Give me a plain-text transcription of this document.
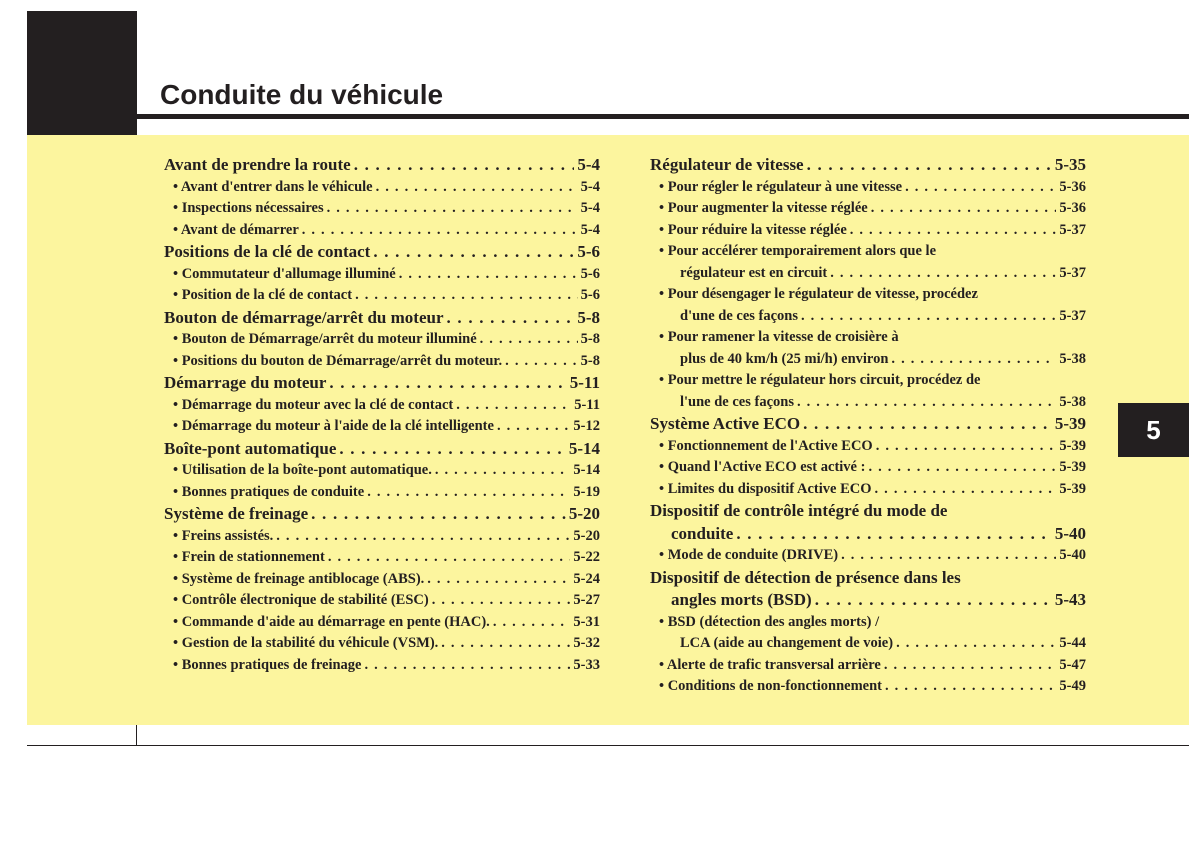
Conduite du véhicule
5
Avant de prendre la route . . .	5-4
• Avant d'entrer dans le véhicule . . .	5-4
• Inspections nécessaires . . .	5-4
• Avant de démarrer . . .	5-4
Positions de la clé de contact . . .	5-6
• Commutateur d'allumage illuminé . . .	5-6
• Position de la clé de contact . . .	5-6
Bouton de démarrage/arrêt du moteur . . .	5-8
• Bouton de Démarrage/arrêt du moteur illuminé . . .	5-8
• Positions du bouton de Démarrage/arrêt du moteur. . . .	5-8
Démarrage du moteur . . .	5-11
• Démarrage du moteur avec la clé de contact . . .	5-11
• Démarrage du moteur à l'aide de la clé intelligente . . .	5-12
Boîte-pont automatique . . .	5-14
• Utilisation de la boîte-pont automatique. . . .	5-14
• Bonnes pratiques de conduite . . .	5-19
Système de freinage . . .	5-20
• Freins assistés. . . .	5-20
• Frein de stationnement . . .	5-22
• Système de freinage antiblocage (ABS). . . .	5-24
• Contrôle électronique de stabilité (ESC) . . .	5-27
• Commande d'aide au démarrage en pente (HAC). . . .	5-31
• Gestion de la stabilité du véhicule (VSM). . . .	5-32
• Bonnes pratiques de freinage . . .	5-33
Régulateur de vitesse . . .	5-35
• Pour régler le régulateur à une vitesse . . .	5-36
• Pour augmenter la vitesse réglée . . .	5-36
• Pour réduire la vitesse réglée . . .	5-37
• Pour accélérer temporairement alors que le
régulateur est en circuit . . .	5-37
• Pour désengager le régulateur de vitesse, procédez
d'une de ces façons . . .	5-37
• Pour ramener la vitesse de croisière à
plus de 40 km/h (25 mi/h) environ . . .	5-38
• Pour mettre le régulateur hors circuit, procédez de
l'une de ces façons . . .	5-38
Système Active ECO . . .	5-39
• Fonctionnement de l'Active ECO . . .	5-39
• Quand l'Active ECO est activé : . . .	5-39
• Limites du dispositif Active ECO . . .	5-39
Dispositif de contrôle intégré du mode de
conduite . . .	5-40
• Mode de conduite (DRIVE) . . .	5-40
Dispositif de détection de présence dans les
angles morts (BSD) . . .	5-43
• BSD (détection des angles morts) /
LCA (aide au changement de voie) . . .	5-44
• Alerte de trafic transversal arrière . . .	5-47
• Conditions de non-fonctionnement . . .	5-49
